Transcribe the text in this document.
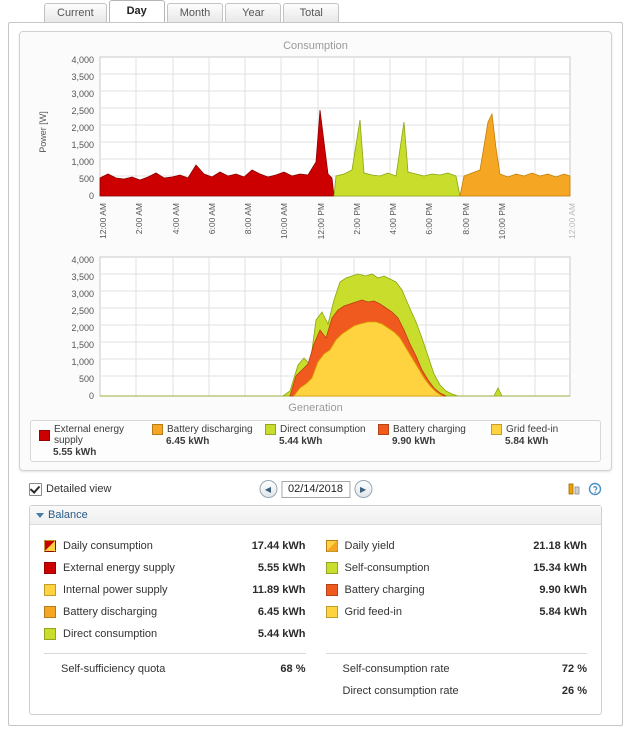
Current	Day	Month	Year	Total
Consumption
4,000
3,500
3,000
2,500
2,000
1,500
1,000
500
0
Power [W]
12:00 AM	2:00 AM	4:00 AM	6:00 AM	8:00 AM	10:00 AM	12:00 PM	2:00 PM	4:00 PM	6:00 PM	8:00 PM	10:00 PM	12:00 AM
4,000
3,500
3,000
2,500
2,000
1,500
1,000
500
0
Generation
External energy supply
5.55 kWh
Battery discharging
6.45 kWh
Direct consumption
5.44 kWh
Battery charging
9.90 kWh
Grid feed-in
5.84 kWh
Detailed view	◀	02/14/2018	▶
Balance
Daily consumption	17.44 kWh
External energy supply	5.55 kWh
Internal power supply	11.89 kWh
Battery discharging	6.45 kWh
Direct consumption	5.44 kWh
Self-sufficiency quota	68 %
Daily yield	21.18 kWh
Self-consumption	15.34 kWh
Battery charging	9.90 kWh
Grid feed-in	5.84 kWh
Self-consumption rate	72 %
Direct consumption rate	26 %
